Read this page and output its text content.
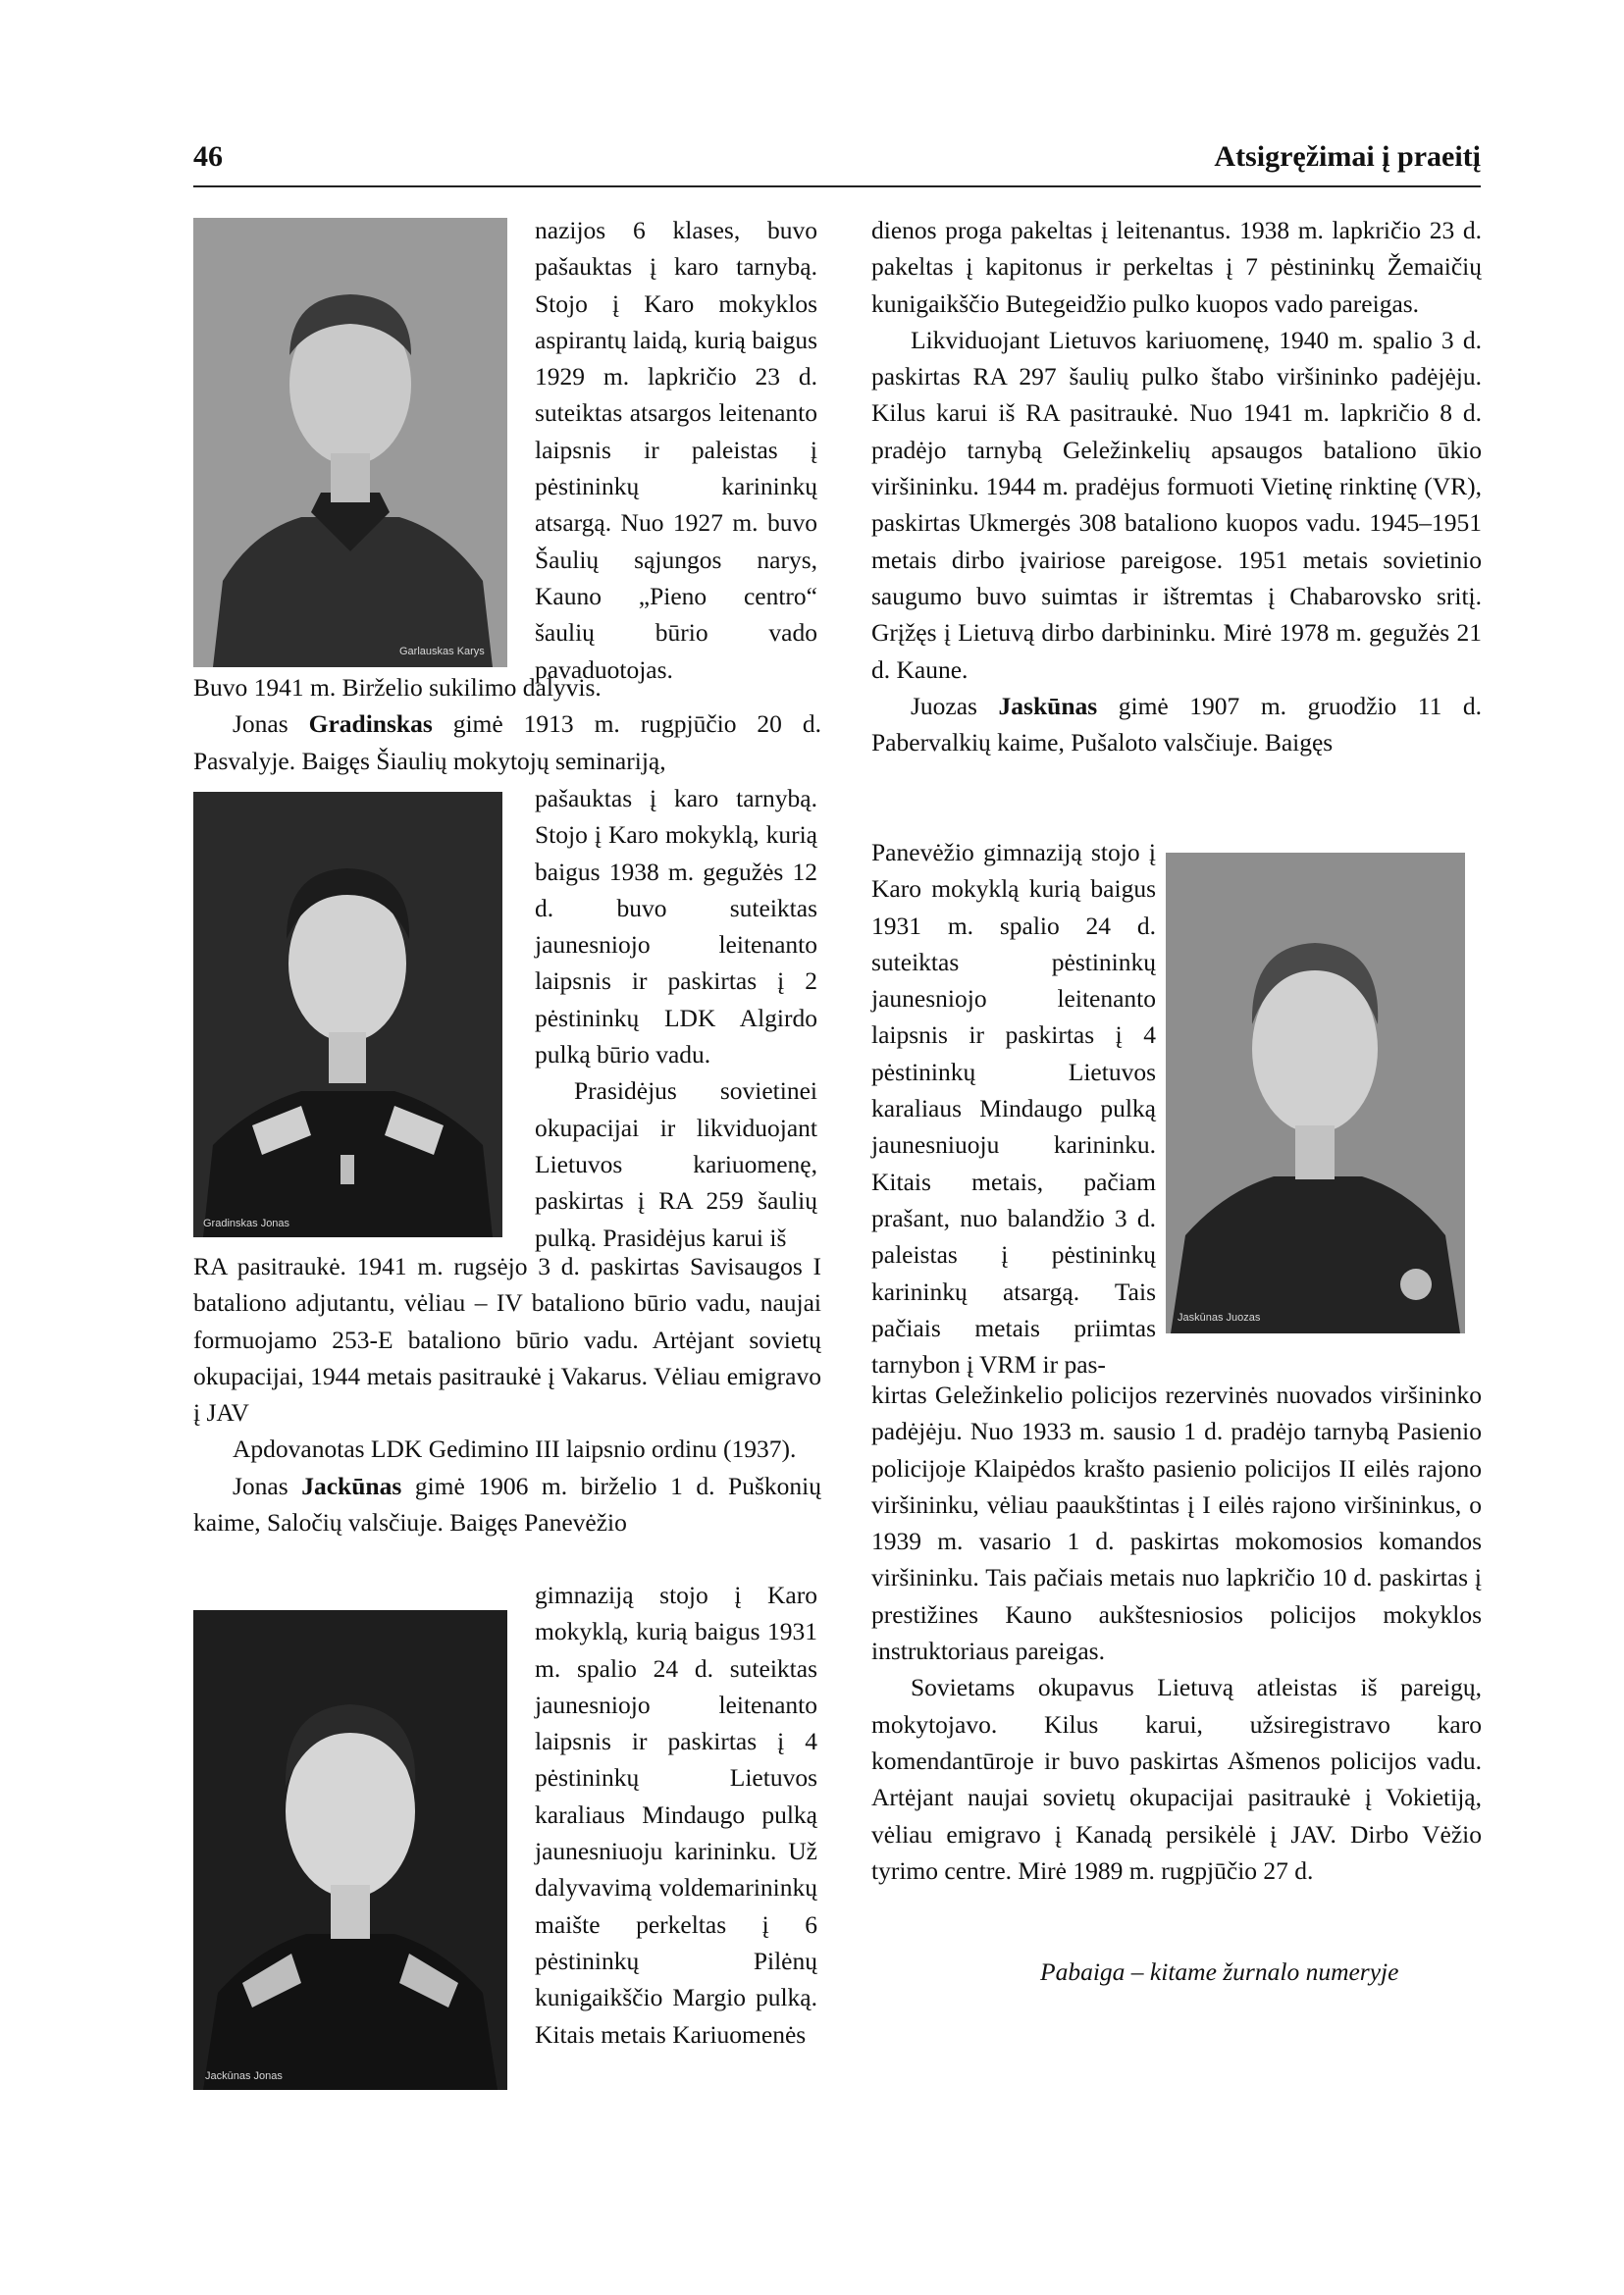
46	Atsigręžimai į praeitį
Garlauskas Karys
Gradinskas Jonas
Jackūnas Jonas
Jaskūnas Juozas

nazijos 6 klases, buvo pašauktas į karo tarnybą. Stojo į Karo mokyklos aspirantų laidą, kurią baigus 1929 m. lapkričio 23 d. suteiktas atsargos leitenanto laipsnis ir paleistas į pėstininkų karininkų atsargą. Nuo 1927 m. buvo Šaulių sąjungos narys, Kauno „Pieno centro“ šaulių būrio vado pavaduotojas.

Buvo 1941 m. Birželio sukilimo dalyvis.

Jonas Gradinskas gimė 1913 m. rugpjūčio 20 d. Pasvalyje. Baigęs Šiaulių mokytojų seminariją,

pašauktas į karo tarnybą. Stojo į Karo mokyklą, kurią baigus 1938 m. gegužės 12 d. buvo suteiktas jaunesniojo leitenanto laipsnis ir paskirtas į 2 pėstininkų LDK Algirdo pulką būrio vadu.

Prasidėjus sovietinei okupacijai ir likviduojant Lietuvos kariuomenę, paskirtas į RA 259 šaulių pulką. Prasidėjus karui iš

RA pasitraukė. 1941 m. rugsėjo 3 d. paskirtas Savisaugos I bataliono adjutantu, vėliau – IV bataliono būrio vadu, naujai formuojamo 253-E bataliono būrio vadu. Artėjant sovietų okupacijai, 1944 metais pasitraukė į Vakarus. Vėliau emigravo į JAV

Apdovanotas LDK Gedimino III laipsnio ordinu (1937).

Jonas Jackūnas gimė 1906 m. birželio 1 d. Puškonių kaime, Saločių valsčiuje. Baigęs Panevėžio

gimnaziją stojo į Karo mokyklą, kurią baigus 1931 m. spalio 24 d. suteiktas jaunesniojo leitenanto laipsnis ir paskirtas į 4 pėstininkų Lietuvos karaliaus Mindaugo pulką jaunesniuoju karininku. Už dalyvavimą voldemarininkų maište perkeltas į 6 pėstininkų Pilėnų kunigaikščio Margio pulką. Kitais metais Kariuomenės

dienos proga pakeltas į leitenantus. 1938 m. lapkričio 23 d. pakeltas į kapitonus ir perkeltas į 7 pėstininkų Žemaičių kunigaikščio Butegeidžio pulko kuopos vado pareigas.

Likviduojant Lietuvos kariuomenę, 1940 m. spalio 3 d. paskirtas RA 297 šaulių pulko štabo viršininko padėjėju. Kilus karui iš RA pasitraukė. Nuo 1941 m. lapkričio 8 d. pradėjo tarnybą Geležinkelių apsaugos bataliono ūkio viršininku. 1944 m. pradėjus formuoti Vietinę rinktinę (VR), paskirtas Ukmergės 308 bataliono kuopos vadu. 1945–1951 metais dirbo įvairiose pareigose. 1951 metais sovietinio saugumo buvo suimtas ir ištremtas į Chabarovsko sritį. Grįžęs į Lietuvą dirbo darbininku. Mirė 1978 m. gegužės 21 d. Kaune.

Juozas Jaskūnas gimė 1907 m. gruodžio 11 d. Pabervalkių kaime, Pušaloto valsčiuje. Baigęs

Panevėžio gimnaziją stojo į Karo mokyklą kurią baigus 1931 m. spalio 24 d. suteiktas pėstininkų jaunesniojo leitenanto laipsnis ir paskirtas į 4 pėstininkų Lietuvos karaliaus Mindaugo pulką jaunesniuoju karininku. Kitais metais, pačiam prašant, nuo balandžio 3 d. paleistas į pėstininkų karininkų atsargą. Tais pačiais metais priimtas tarnybon į VRM ir pas-

kirtas Geležinkelio policijos rezervinės nuovados viršininko padėjėju. Nuo 1933 m. sausio 1 d. pradėjo tarnybą Pasienio policijoje Klaipėdos krašto pasienio policijos II eilės rajono viršininku, vėliau paaukštintas į I eilės rajono viršininkus, o 1939 m. vasario 1 d. paskirtas mokomosios komandos viršininku. Tais pačiais metais nuo lapkričio 10 d. paskirtas į prestižines Kauno aukštesniosios policijos mokyklos instruktoriaus pareigas.

Sovietams okupavus Lietuvą atleistas iš pareigų, mokytojavo. Kilus karui, užsiregistravo karo komendantūroje ir buvo paskirtas Ašmenos policijos vadu. Artėjant naujai sovietų okupacijai pasitraukė į Vokietiją, vėliau emigravo į Kanadą persikėlė į JAV. Dirbo Vėžio tyrimo centre. Mirė 1989 m. rugpjūčio 27 d.

Pabaiga – kitame žurnalo numeryje
